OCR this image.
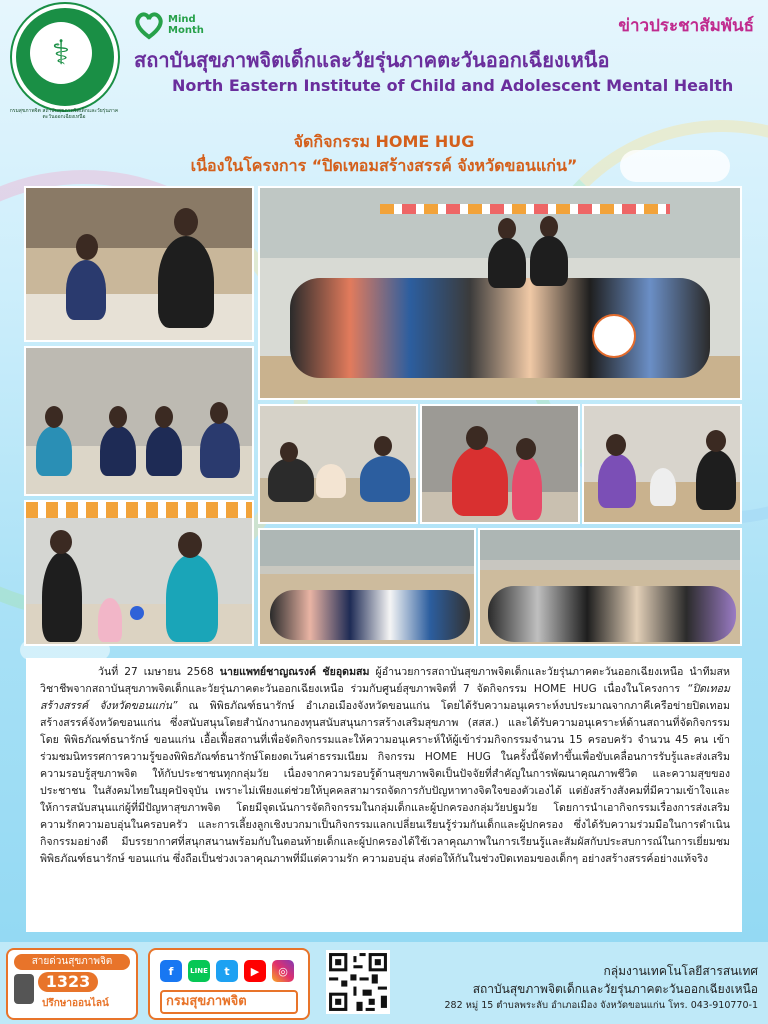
⚕
กรมสุขภาพจิต สถาบันสุขภาพจิตเด็กและวัยรุ่นภาคตะวันออกเฉียงเหนือ
Mind
Month	ข่าวประชาสัมพันธ์
สถาบันสุขภาพจิตเด็กและวัยรุ่นภาคตะวันออกเฉียงเหนือ
North Eastern Institute of Child and Adolescent Mental Health
จัดกิจกรรม HOME HUG
เนื่องในโครงการ “ปิดเทอมสร้างสรรค์ จังหวัดขอนแก่น”

วันที่ 27 เมษายน 2568 นายแพทย์ชาญณรงค์ ชัยอุดมสม ผู้อำนวยการสถาบันสุขภาพจิตเด็กและวัยรุ่นภาคตะวันออกเฉียงเหนือ นำทีมสหวิชาชีพจากสถาบันสุขภาพจิตเด็กและวัยรุ่นภาคตะวันออกเฉียงเหนือ ร่วมกับศูนย์สุขภาพจิตที่ 7 จัดกิจกรรม HOME HUG เนื่องในโครงการ “ปิดเทอมสร้างสรรค์ จังหวัดขอนแก่น” ณ พิพิธภัณฑ์ธนารักษ์ อำเภอเมืองจังหวัดขอนแก่น โดยได้รับความอนุเคราะห์งบประมาณจากภาคีเครือข่ายปิดเทอมสร้างสรรค์จังหวัดขอนแก่น ซึ่งสนับสนุนโดยสำนักงานกองทุนสนับสนุนการสร้างเสริมสุขภาพ (สสส.) และได้รับความอนุเคราะห์ด้านสถานที่จัดกิจกรรมโดย พิพิธภัณฑ์ธนารักษ์ ขอนแก่น เอื้อเฟื้อสถานที่เพื่อจัดกิจกรรมและให้ความอนุเคราะห์ให้ผู้เข้าร่วมกิจกรรมจำนวน 15 ครอบครัว จำนวน 45 คน เข้าร่วมชมนิทรรศการความรู้ของพิพิธภัณฑ์ธนารักษ์โดยงดเว้นค่าธรรมเนียม กิจกรรม HOME HUG ในครั้งนี้จัดทำขึ้นเพื่อขับเคลื่อนการรับรู้และส่งเสริมความรอบรู้สุขภาพจิต ให้กับประชาชนทุกกลุ่มวัย เนื่องจากความรอบรู้ด้านสุขภาพจิตเป็นปัจจัยที่สำคัญในการพัฒนาคุณภาพชีวิต และความสุขของประชาชน ในสังคมไทยในยุคปัจจุบัน เพราะไม่เพียงแต่ช่วยให้บุคคลสามารถจัดการกับปัญหาทางจิตใจของตัวเองได้ แต่ยังสร้างสังคมที่มีความเข้าใจและให้การสนับสนุนแก่ผู้ที่มีปัญหาสุขภาพจิต โดยมีจุดเน้นการจัดกิจกรรมในกลุ่มเด็กและผู้ปกครองกลุ่มวัยปฐมวัย โดยการนำเอากิจกรรมเรื่องการส่งเสริมความรักความอบอุ่นในครอบครัว และการเลี้ยงลูกเชิงบวกมาเป็นกิจกรรมแลกเปลี่ยนเรียนรู้ร่วมกันเด็กและผู้ปกครอง ซึ่งได้รับความร่วมมือในการดำเนินกิจกรรมอย่างดี มีบรรยากาศที่สนุกสนานพร้อมกับในตอนท้ายเด็กและผู้ปกครองได้ใช้เวลาคุณภาพในการเรียนรู้และสัมผัสกับประสบการณ์ในการเยี่ยมชมพิพิธภัณฑ์ธนารักษ์ ขอนแก่น ซึ่งถือเป็นช่วงเวลาคุณภาพที่มีแต่ความรัก ความอบอุ่น ส่งต่อให้กันในช่วงปิดเทอมของเด็กๆ อย่างสร้างสรรค์อย่างแท้จริง

สายด่วนสุขภาพจิต
1323
ปรึกษาออนไลน์
f	LINE	t	▶	◎
กรมสุขภาพจิต
กลุ่มงานเทคโนโลยีสารสนเทศ
สถาบันสุขภาพจิตเด็กและวัยรุ่นภาคตะวันออกเฉียงเหนือ
282 หมู่ 15 ตำบลพระลับ อำเภอเมือง จังหวัดขอนแก่น โทร. 043-910770-1
